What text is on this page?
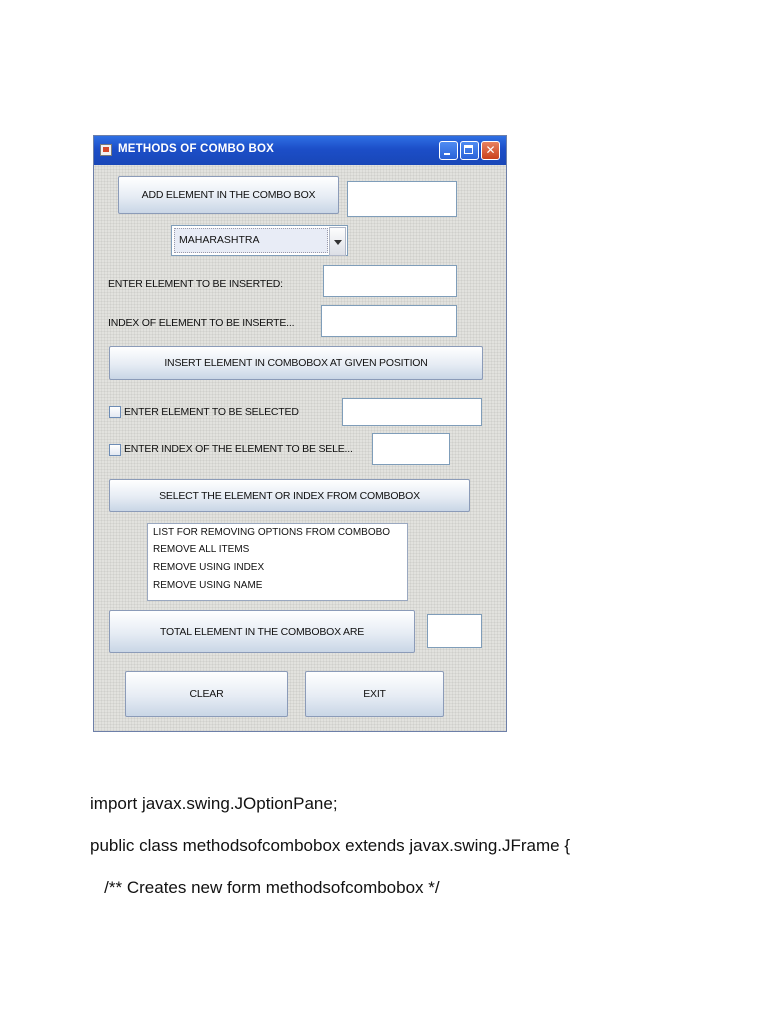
METHODS OF COMBO BOX	✕
ADD ELEMENT IN THE COMBO BOX
MAHARASHTRA
ENTER ELEMENT TO BE INSERTED:
INDEX OF ELEMENT TO BE INSERTE...
INSERT ELEMENT IN COMBOBOX AT GIVEN POSITION
ENTER ELEMENT TO BE SELECTED
ENTER INDEX OF THE ELEMENT TO BE SELE...
SELECT THE ELEMENT OR INDEX FROM COMBOBOX
LIST FOR REMOVING OPTIONS FROM COMBOBO
REMOVE ALL ITEMS
REMOVE USING INDEX
REMOVE USING NAME
TOTAL ELEMENT IN THE COMBOBOX ARE
CLEAR	EXIT
import javax.swing.JOptionPane;
public class methodsofcombobox extends javax.swing.JFrame {
/** Creates new form methodsofcombobox */
